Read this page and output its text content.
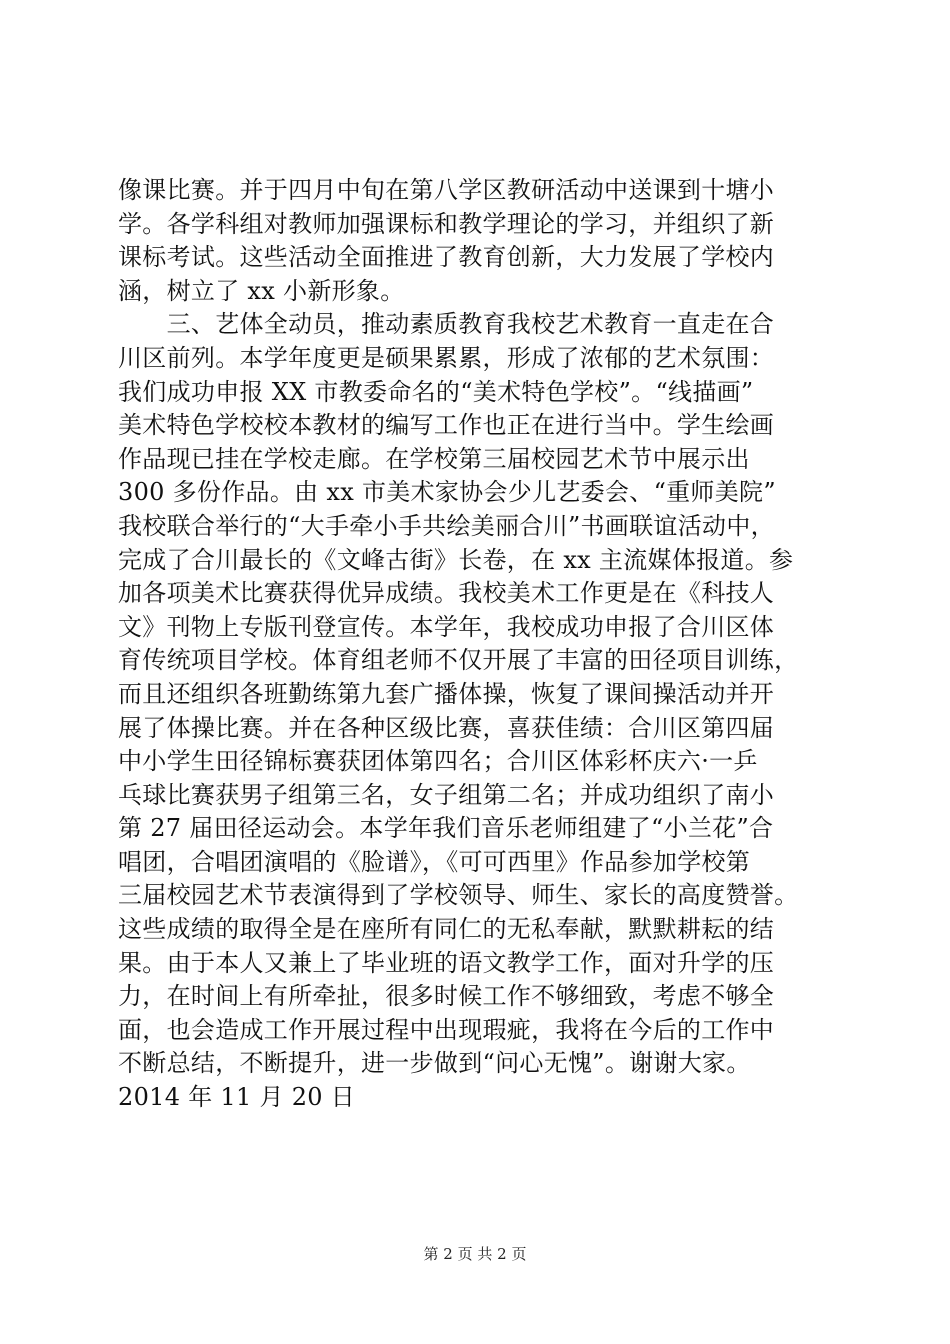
像课比赛。并于四月中旬在第八学区教研活动中送课到十塘小
学。各学科组对教师加强课标和教学理论的学习，并组织了新
课标考试。这些活动全面推进了教育创新，大力发展了学校内
涵，树立了 xx 小新形象。
　　三、艺体全动员，推动素质教育我校艺术教育一直走在合
川区前列。本学年度更是硕果累累，形成了浓郁的艺术氛围：
我们成功申报 XX 市教委命名的“美术特色学校”。“线描画”
美术特色学校校本教材的编写工作也正在进行当中。学生绘画
作品现已挂在学校走廊。在学校第三届校园艺术节中展示出
300 多份作品。由 xx 市美术家协会少儿艺委会、“重师美院”
我校联合举行的“大手牵小手共绘美丽合川”书画联谊活动中，
完成了合川最长的《文峰古街》长卷，在 xx 主流媒体报道。参
加各项美术比赛获得优异成绩。我校美术工作更是在《科技人
文》刊物上专版刊登宣传。本学年，我校成功申报了合川区体
育传统项目学校。体育组老师不仅开展了丰富的田径项目训练，
而且还组织各班勤练第九套广播体操，恢复了课间操活动并开
展了体操比赛。并在各种区级比赛，喜获佳绩：合川区第四届
中小学生田径锦标赛获团体第四名；合川区体彩杯庆六·一乒
乓球比赛获男子组第三名，女子组第二名；并成功组织了南小
第 27 届田径运动会。本学年我们音乐老师组建了“小兰花”合
唱团，合唱团演唱的《脸谱》，《可可西里》作品参加学校第
三届校园艺术节表演得到了学校领导、师生、家长的高度赞誉。
这些成绩的取得全是在座所有同仁的无私奉献，默默耕耘的结
果。由于本人又兼上了毕业班的语文教学工作，面对升学的压
力，在时间上有所牵扯，很多时候工作不够细致，考虑不够全
面，也会造成工作开展过程中出现瑕疵，我将在今后的工作中
不断总结，不断提升，进一步做到“问心无愧”。谢谢大家。
2014 年 11 月 20 日
第 2 页 共 2 页
